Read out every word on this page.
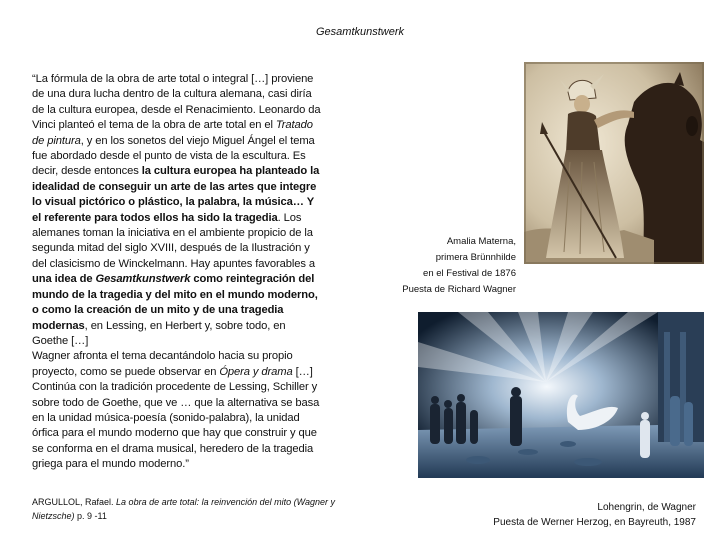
Gesamtkunstwerk

“La fórmula de la obra de arte total o integral […] proviene de una dura lucha dentro de la cultura alemana, casi diría de la cultura europea, desde el Renacimiento. Leonardo da Vinci planteó el tema de la obra de arte total en el Tratado de pintura, y en los sonetos del viejo Miguel Ángel el tema fue abordado desde el punto de vista de la escultura. Es decir, desde entonces la cultura europea ha planteado la idealidad de conseguir un arte de las artes que integre lo visual pictórico o plástico, la palabra, la música… Y el referente para todos ellos ha sido la tragedia. Los alemanes toman la iniciativa en el ambiente propicio de la segunda mitad del siglo XVIII, después de la Ilustración y del clasicismo de Winckelmann. Hay apuntes favorables a una idea de Gesamtkunstwerk como reintegración del mundo de la tragedia y del mito en el mundo moderno, o como la creación de un mito y de una tragedia modernas, en Lessing, en Herbert y, sobre todo, en Goethe […]

Wagner afronta el tema decantándolo hacia su propio proyecto, como se puede observar en Ópera y drama […]

Continúa con la tradición procedente de Lessing, Schiller y sobre todo de Goethe, que ve … que la alternativa se basa en la unidad música-poesía (sonido-palabra), la unidad órfica para el mundo moderno que hay que construir y que se conforma en el drama musical, heredero de la tragedia griega para el mundo moderno.”

ARGULLOL, Rafael. La obra de arte total: la reinvención del mito (Wagner y Nietzsche) p. 9 -11
Amalia Materna,
primera Brünnhilde
en el Festival de 1876
Puesta de Richard Wagner
Lohengrin, de Wagner
Puesta de Werner Herzog, en Bayreuth, 1987
